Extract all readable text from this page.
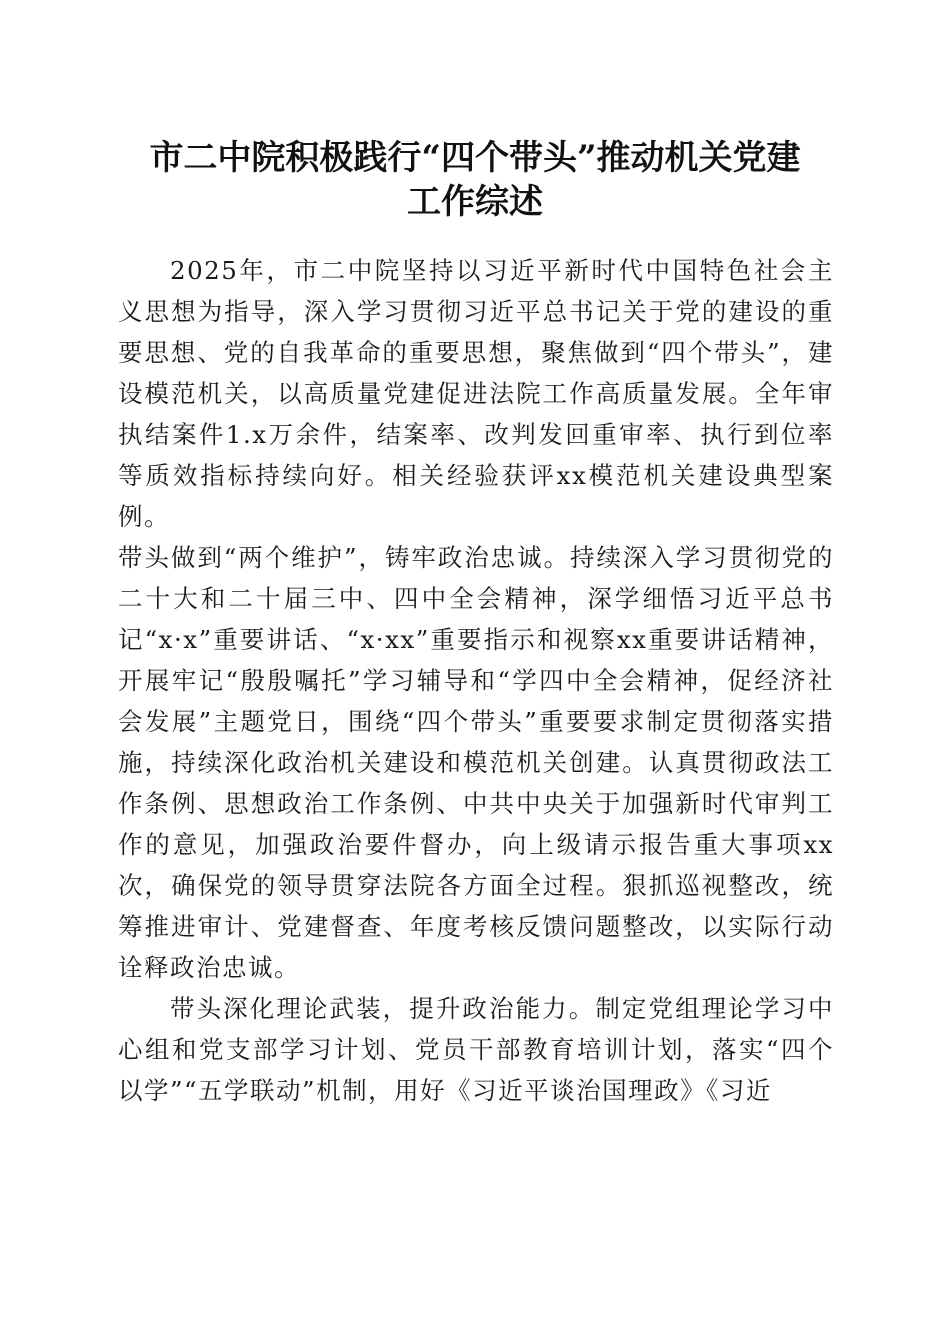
市二中院积极践行“四个带头”推动机关党建
工作综述

2025年，市二中院坚持以习近平新时代中国特色社会主义思想为指导，深入学习贯彻习近平总书记关于党的建设的重要思想、党的自我革命的重要思想，聚焦做到“四个带头”，建设模范机关，以高质量党建促进法院工作高质量发展。全年审执结案件1.x万余件，结案率、改判发回重审率、执行到位率等质效指标持续向好。相关经验获评xx模范机关建设典型案例。

带头做到“两个维护”，铸牢政治忠诚。持续深入学习贯彻党的二十大和二十届三中、四中全会精神，深学细悟习近平总书记“x·x”重要讲话、“x·xx”重要指示和视察xx重要讲话精神，开展牢记“殷殷嘱托”学习辅导和“学四中全会精神，促经济社会发展”主题党日，围绕“四个带头”重要要求制定贯彻落实措施，持续深化政治机关建设和模范机关创建。认真贯彻政法工作条例、思想政治工作条例、中共中央关于加强新时代审判工作的意见，加强政治要件督办，向上级请示报告重大事项xx次，确保党的领导贯穿法院各方面全过程。狠抓巡视整改，统筹推进审计、党建督查、年度考核反馈问题整改，以实际行动诠释政治忠诚。

带头深化理论武装，提升政治能力。制定党组理论学习中心组和党支部学习计划、党员干部教育培训计划，落实“四个以学”“五学联动”机制，用好《习近平谈治国理政》《习近
